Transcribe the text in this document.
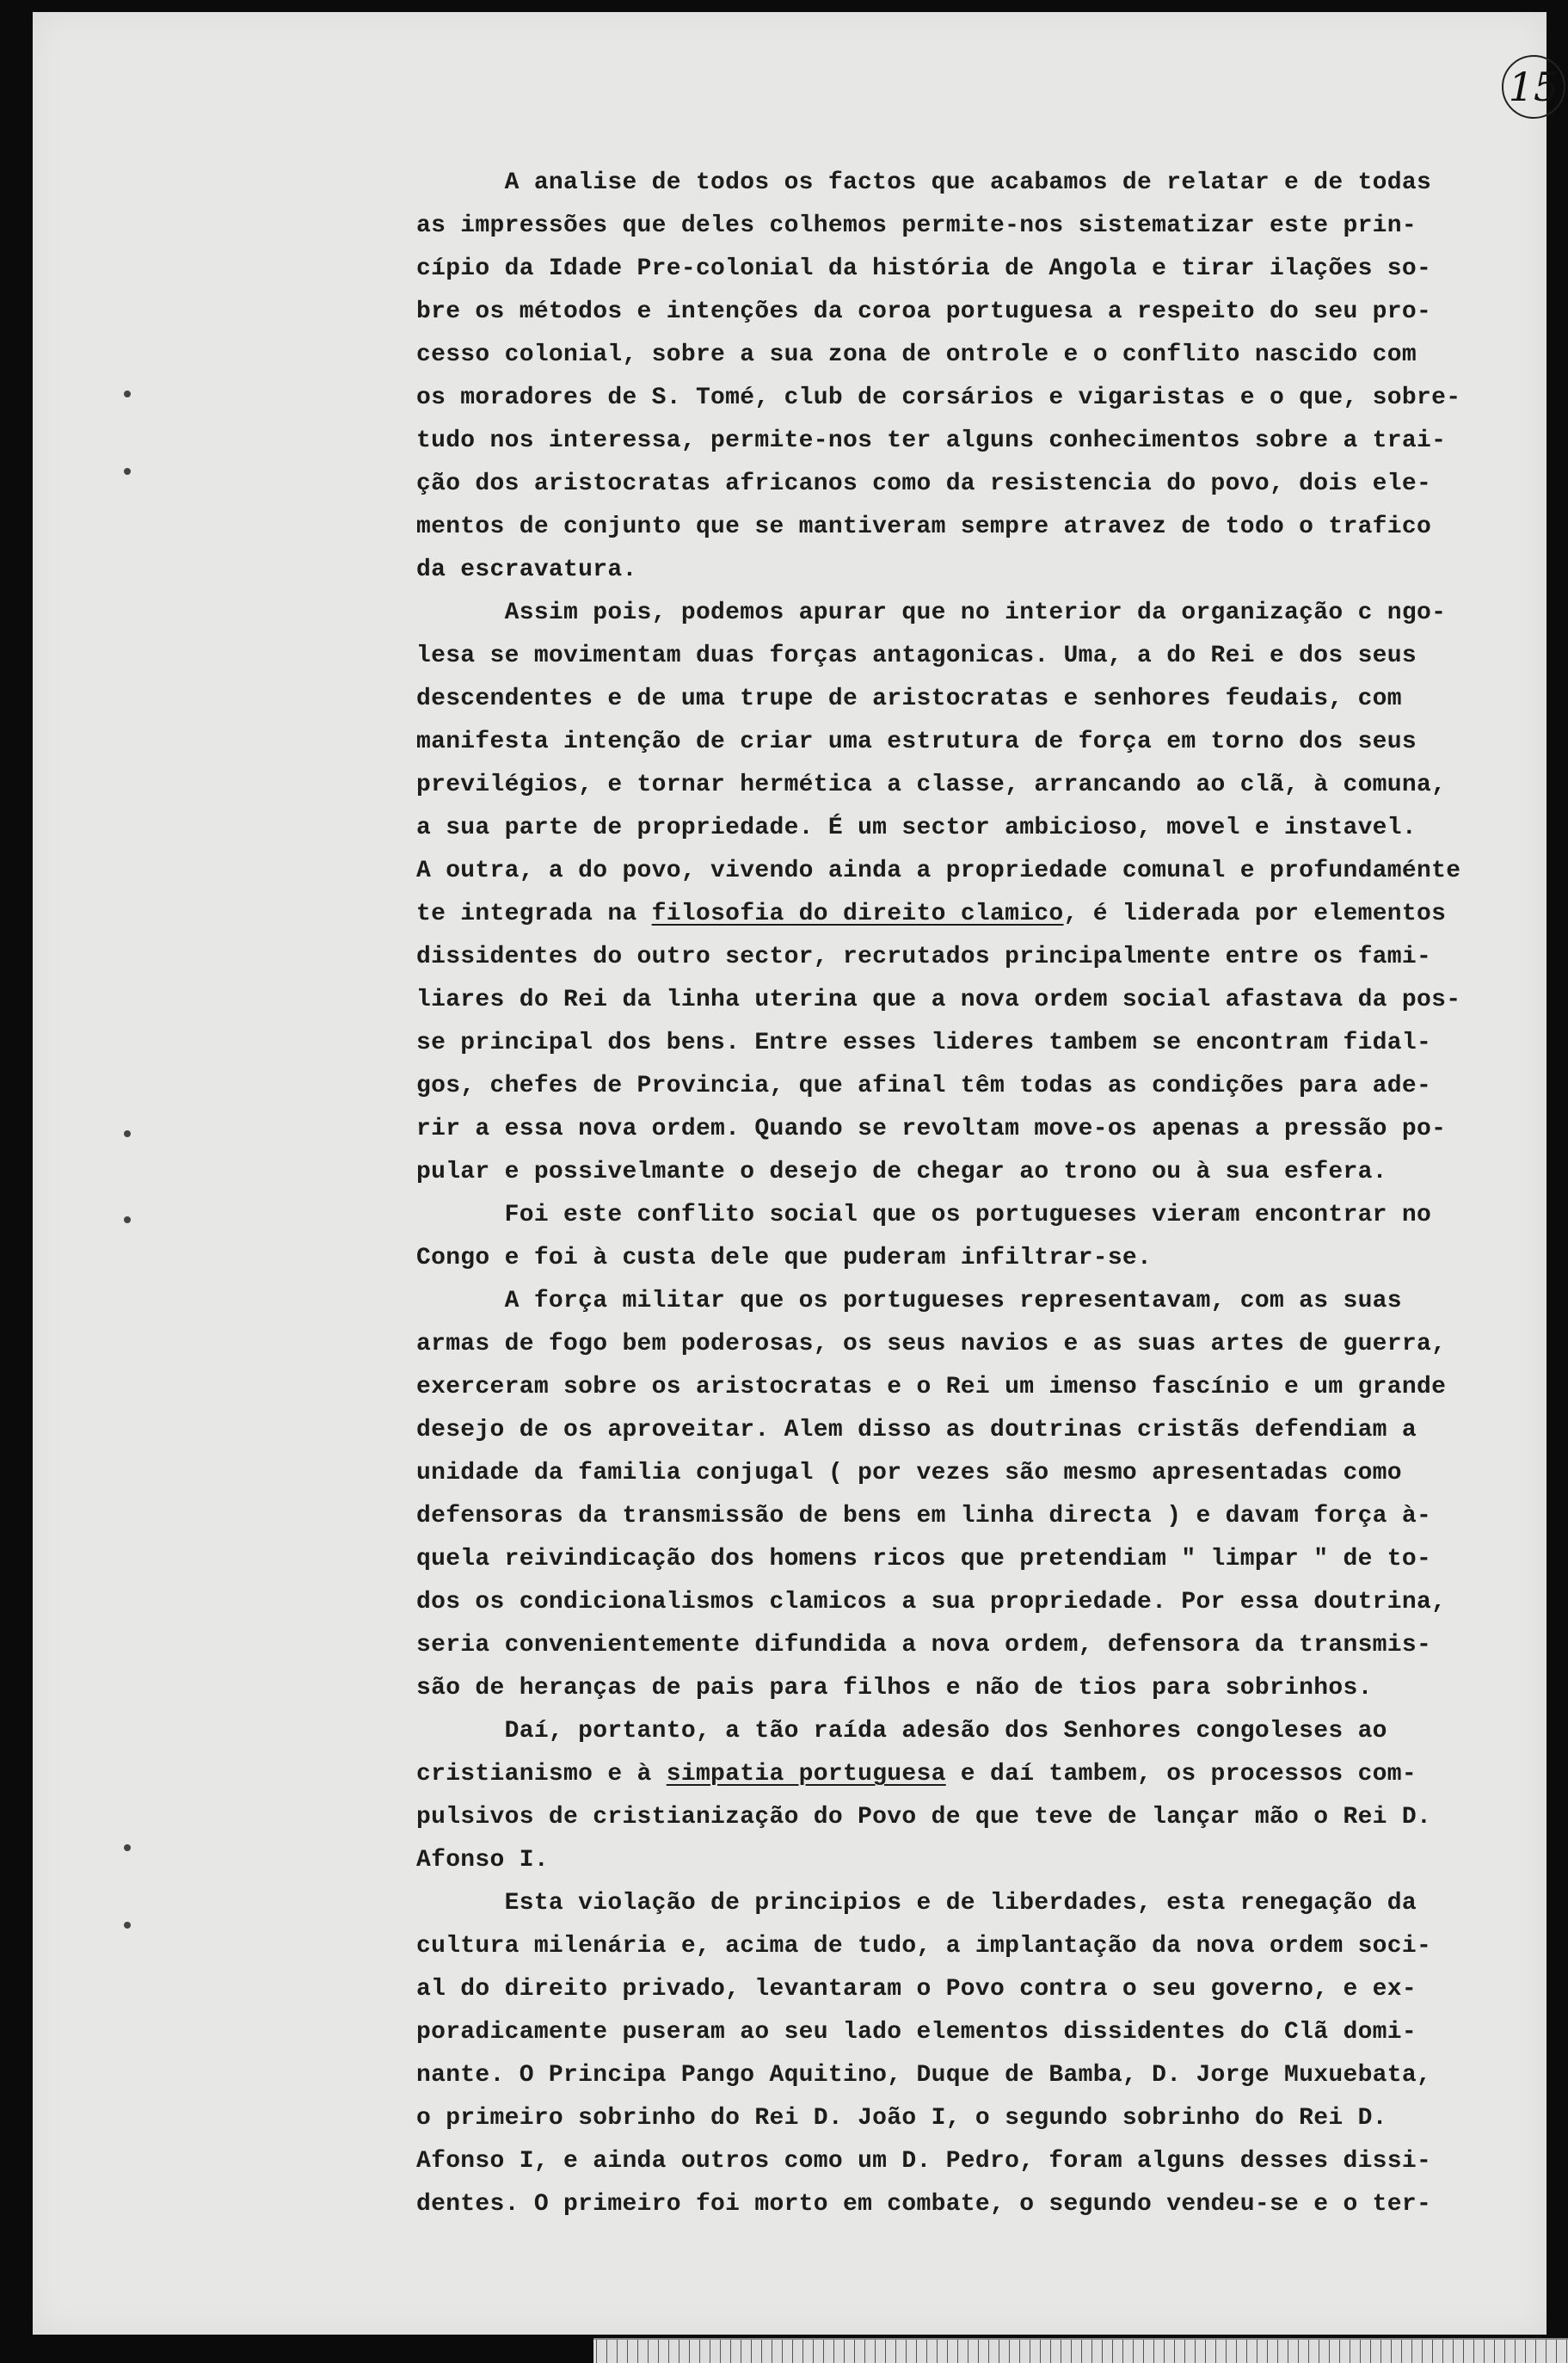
15
A analise de todos os factos que acabamos de relatar e de todas
as impressões que deles colhemos permite-nos sistematizar este prin-
cípio da Idade Pre-colonial da história de Angola e tirar ilações so-
bre os métodos e intenções da coroa portuguesa a respeito do seu pro-
cesso colonial, sobre a sua zona de ontrole e o conflito nascido com
os moradores de S. Tomé, club de corsários e vigaristas e o que, sobre-
tudo nos interessa, permite-nos ter alguns conhecimentos sobre a trai-
ção dos aristocratas africanos como da resistencia do povo, dois ele-
mentos de conjunto que se mantiveram sempre atravez de todo o trafico
da escravatura.
Assim pois, podemos apurar que no interior da organização c ngo-
lesa se movimentam duas forças antagonicas. Uma, a do Rei e dos seus
descendentes e de uma trupe de aristocratas e senhores feudais, com
manifesta intenção de criar uma estrutura de força em torno dos seus
previlégios, e tornar hermética a classe, arrancando ao clã, à comuna,
a sua parte de propriedade. É um sector ambicioso, movel e instavel.
A outra, a do povo, vivendo ainda a propriedade comunal e profundaménte
te integrada na filosofia do direito clamico, é liderada por elementos
dissidentes do outro sector, recrutados principalmente entre os fami-
liares do Rei da linha uterina que a nova ordem social afastava da pos-
se principal dos bens. Entre esses lideres tambem se encontram fidal-
gos, chefes de Provincia, que afinal têm todas as condições para ade-
rir a essa nova ordem. Quando se revoltam move-os apenas a pressão po-
pular e possivelmante o desejo de chegar ao trono ou à sua esfera.
Foi este conflito social que os portugueses vieram encontrar no
Congo e foi à custa dele que puderam infiltrar-se.
A força militar que os portugueses representavam, com as suas
armas de fogo bem poderosas, os seus navios e as suas artes de guerra,
exerceram sobre os aristocratas e o Rei um imenso fascínio e um grande
desejo de os aproveitar. Alem disso as doutrinas cristãs defendiam a
unidade da familia conjugal ( por vezes são mesmo apresentadas como
defensoras da transmissão de bens em linha directa ) e davam força à-
quela reivindicação dos homens ricos que pretendiam " limpar " de to-
dos os condicionalismos clamicos a sua propriedade. Por essa doutrina,
seria convenientemente difundida a nova ordem, defensora da transmis-
são de heranças de pais para filhos e não de tios para sobrinhos.
Daí, portanto, a tão raída adesão dos Senhores congoleses ao
cristianismo e à simpatia portuguesa e daí tambem, os processos com-
pulsivos de cristianização do Povo de que teve de lançar mão o Rei D.
Afonso I.
Esta violação de principios e de liberdades, esta renegação da
cultura milenária e, acima de tudo, a implantação da nova ordem soci-
al do direito privado, levantaram o Povo contra o seu governo, e ex-
poradicamente puseram ao seu lado elementos dissidentes do Clã domi-
nante. O Principa Pango Aquitino, Duque de Bamba, D. Jorge Muxuebata,
o primeiro sobrinho do Rei D. João I, o segundo sobrinho do Rei D.
Afonso I, e ainda outros como um D. Pedro, foram alguns desses dissi-
dentes. O primeiro foi morto em combate, o segundo vendeu-se e o ter-
